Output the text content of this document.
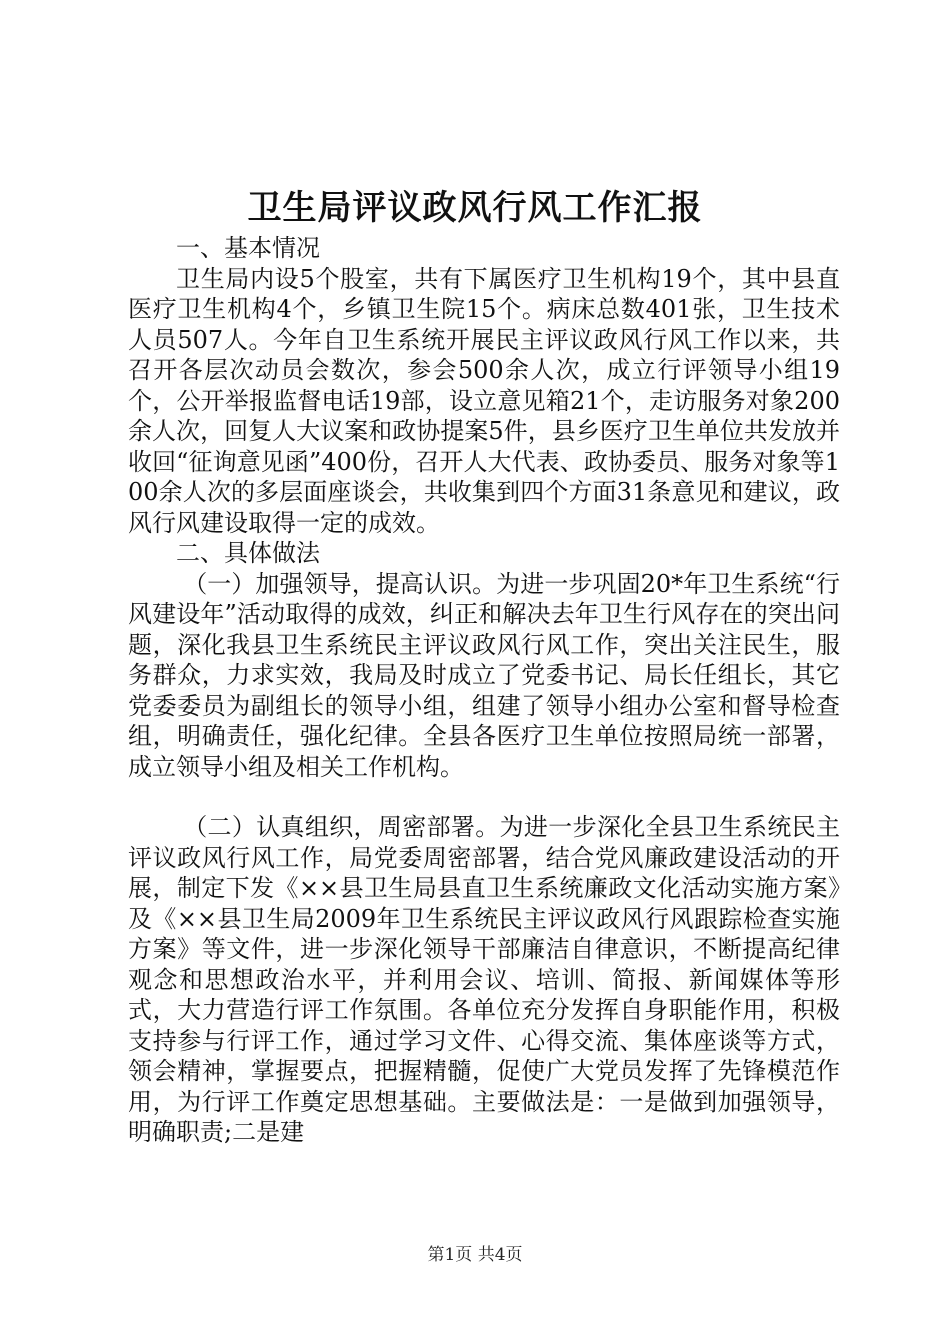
卫生局评议政风行风工作汇报

一、基本情况

卫生局内设5个股室，共有下属医疗卫生机构19个，其中县直医疗卫生机构4个，乡镇卫生院15个。病床总数401张，卫生技术人员507人。今年自卫生系统开展民主评议政风行风工作以来，共召开各层次动员会数次，参会500余人次，成立行评领导小组19个，公开举报监督电话19部，设立意见箱21个，走访服务对象200余人次，回复人大议案和政协提案5件，县乡医疗卫生单位共发放并收回“征询意见函”400份，召开人大代表、政协委员、服务对象等100余人次的多层面座谈会，共收集到四个方面31条意见和建议，政风行风建设取得一定的成效。

二、具体做法

（一）加强领导，提高认识。为进一步巩固20*年卫生系统“行风建设年”活动取得的成效，纠正和解决去年卫生行风存在的突出问题，深化我县卫生系统民主评议政风行风工作，突出关注民生，服务群众，力求实效，我局及时成立了党委书记、局长任组长，其它党委委员为副组长的领导小组，组建了领导小组办公室和督导检查组，明确责任，强化纪律。全县各医疗卫生单位按照局统一部署，成立领导小组及相关工作机构。

（二）认真组织，周密部署。为进一步深化全县卫生系统民主评议政风行风工作，局党委周密部署，结合党风廉政建设活动的开展，制定下发《××县卫生局县直卫生系统廉政文化活动实施方案》及《××县卫生局2009年卫生系统民主评议政风行风跟踪检查实施方案》等文件，进一步深化领导干部廉洁自律意识，不断提高纪律观念和思想政治水平，并利用会议、培训、简报、新闻媒体等形式，大力营造行评工作氛围。各单位充分发挥自身职能作用，积极支持参与行评工作，通过学习文件、心得交流、集体座谈等方式，领会精神，掌握要点，把握精髓，促使广大党员发挥了先锋模范作用，为行评工作奠定思想基础。主要做法是：一是做到加强领导，明确职责;二是建

第1页 共4页
